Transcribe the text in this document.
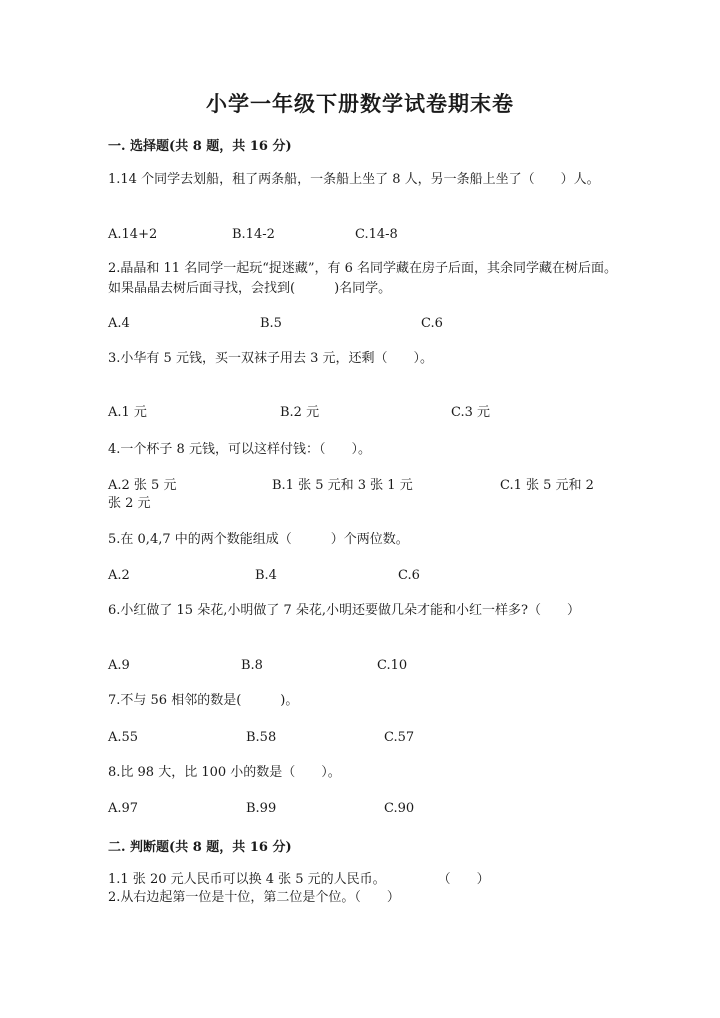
小学一年级下册数学试卷期末卷
一. 选择题(共 8 题，共 16 分)
1.14 个同学去划船，租了两条船，一条船上坐了 8 人，另一条船上坐了（　　）人。
A.14+2	B.14-2	C.14-8
2.晶晶和 11 名同学一起玩“捉迷藏”，有 6 名同学藏在房子后面，其余同学藏在树后面。如果晶晶去树后面寻找，会找到(　　　)名同学。
A.4	B.5	C.6
3.小华有 5 元钱，买一双袜子用去 3 元，还剩（　　）。
A.1 元	B.2 元	C.3 元
4.一个杯子 8 元钱，可以这样付钱：（　　）。
A.2 张 5 元	B.1 张 5 元和 3 张 1 元	C.1 张 5 元和 2
张 2 元
5.在 0,4,7 中的两个数能组成（　　　）个两位数。
A.2	B.4	C.6
6.小红做了 15 朵花,小明做了 7 朵花,小明还要做几朵才能和小红一样多?（　　）
A.9	B.8	C.10
7.不与 56 相邻的数是(　　　)。
A.55	B.58	C.57
8.比 98 大，比 100 小的数是（　　）。
A.97	B.99	C.90
二. 判断题(共 8 题，共 16 分)
1.1 张 20 元人民币可以换 4 张 5 元的人民币。　　　　　（　　）
2.从右边起第一位是十位，第二位是个位。（　　）
